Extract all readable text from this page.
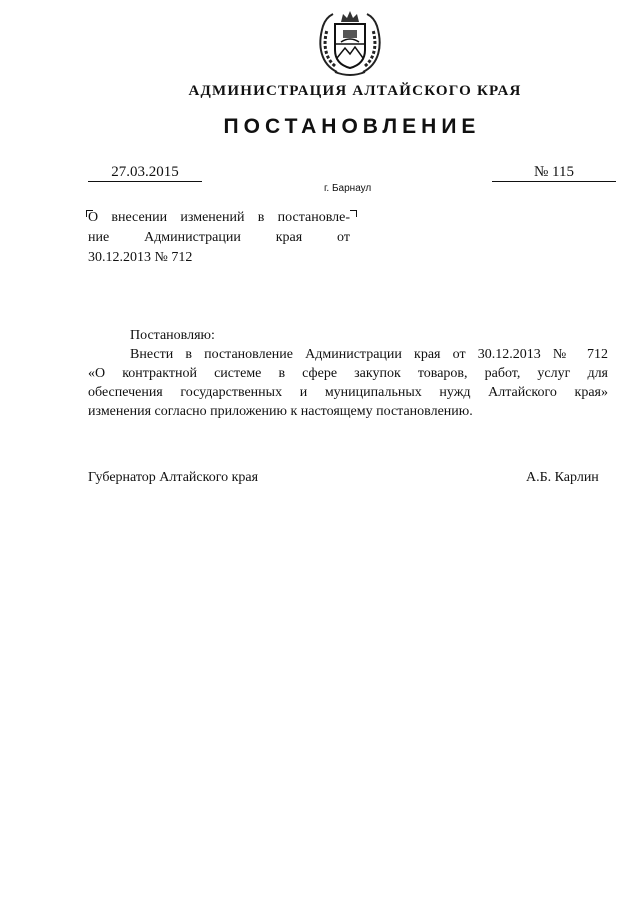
АДМИНИСТРАЦИЯ АЛТАЙСКОГО КРАЯ
ПОСТАНОВЛЕНИЕ
27.03.2015	№ 115
г. Барнаул
О внесении изменений в постановле-
ние Администрации края от
30.12.2013 № 712
Постановляю:
Внести в постановление Администрации края от 30.12.2013 № 712
«О контрактной системе в сфере закупок товаров, работ, услуг для
обеспечения государственных и муниципальных нужд Алтайского края»
изменения согласно приложению к настоящему постановлению.
Губернатор Алтайского края	А.Б. Карлин
